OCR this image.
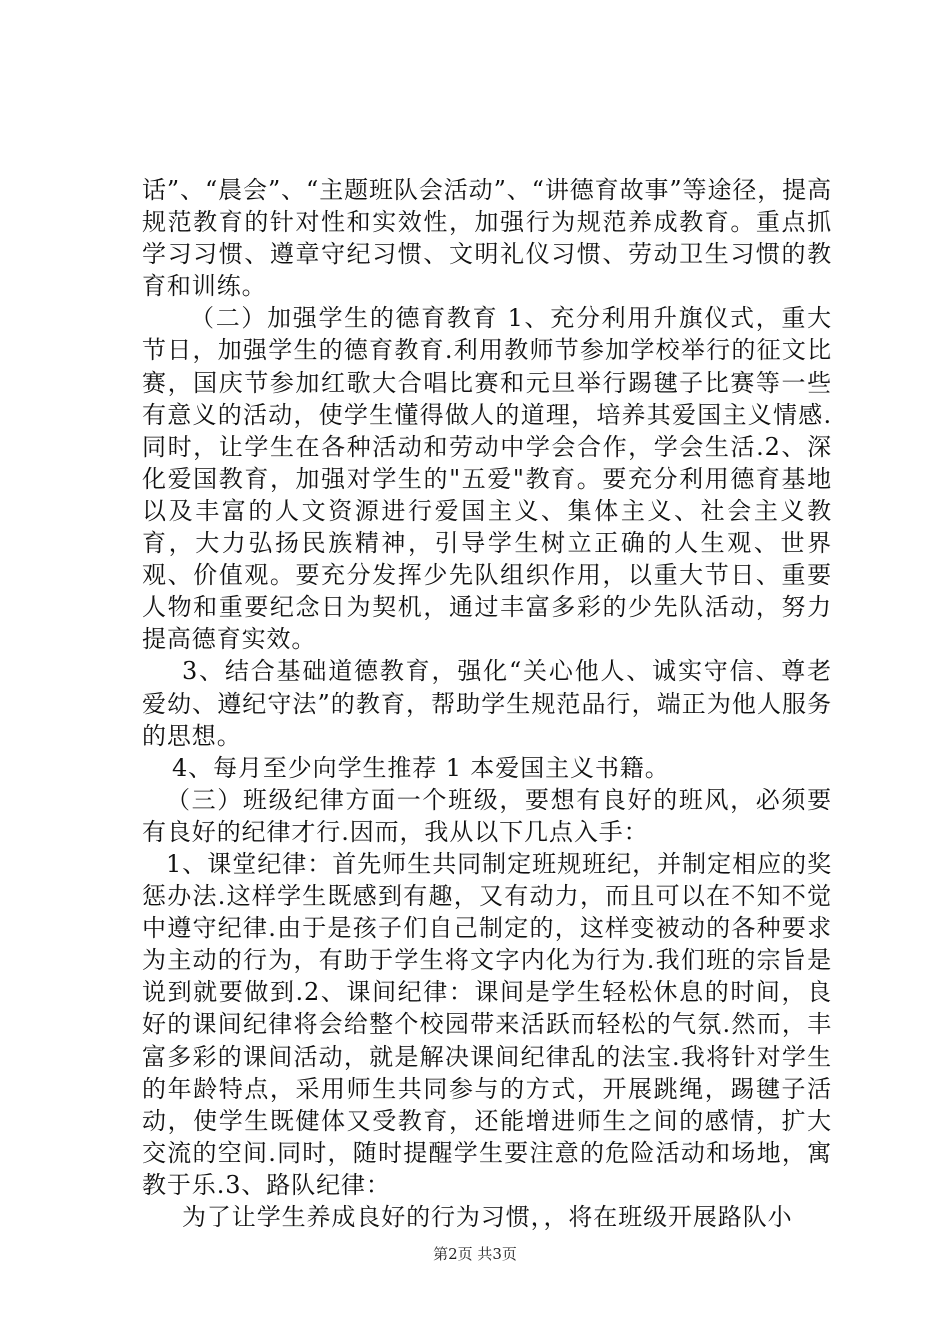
话”、“晨会”、“主题班队会活动”、“讲德育故事”等途径，提高规范教育的针对性和实效性，加强行为规范养成教育。重点抓学习习惯、遵章守纪习惯、文明礼仪习惯、劳动卫生习惯的教育和训练。

（二）加强学生的德育教育 1、充分利用升旗仪式，重大节日，加强学生的德育教育.利用教师节参加学校举行的征文比赛，国庆节参加红歌大合唱比赛和元旦举行踢毽子比赛等一些有意义的活动，使学生懂得做人的道理，培养其爱国主义情感.同时，让学生在各种活动和劳动中学会合作，学会生活.2、深化爱国教育，加强对学生的"五爱"教育。要充分利用德育基地以及丰富的人文资源进行爱国主义、集体主义、社会主义教育，大力弘扬民族精神，引导学生树立正确的人生观、世界观、价值观。要充分发挥少先队组织作用，以重大节日、重要人物和重要纪念日为契机，通过丰富多彩的少先队活动，努力提高德育实效。

3、结合基础道德教育，强化“关心他人、诚实守信、尊老爱幼、遵纪守法”的教育，帮助学生规范品行，端正为他人服务的思想。

4、每月至少向学生推荐 1 本爱国主义书籍。

（三）班级纪律方面一个班级，要想有良好的班风，必须要有良好的纪律才行.因而，我从以下几点入手：

1、课堂纪律：首先师生共同制定班规班纪，并制定相应的奖惩办法.这样学生既感到有趣，又有动力，而且可以在不知不觉中遵守纪律.由于是孩子们自己制定的，这样变被动的各种要求为主动的行为，有助于学生将文字内化为行为.我们班的宗旨是说到就要做到.2、课间纪律：课间是学生轻松休息的时间，良好的课间纪律将会给整个校园带来活跃而轻松的气氛.然而，丰富多彩的课间活动，就是解决课间纪律乱的法宝.我将针对学生的年龄特点，采用师生共同参与的方式，开展跳绳，踢毽子活动，使学生既健体又受教育，还能增进师生之间的感情，扩大交流的空间.同时，随时提醒学生要注意的危险活动和场地，寓教于乐.3、路队纪律：

为了让学生养成良好的行为习惯，，将在班级开展路队小

第2页 共3页
